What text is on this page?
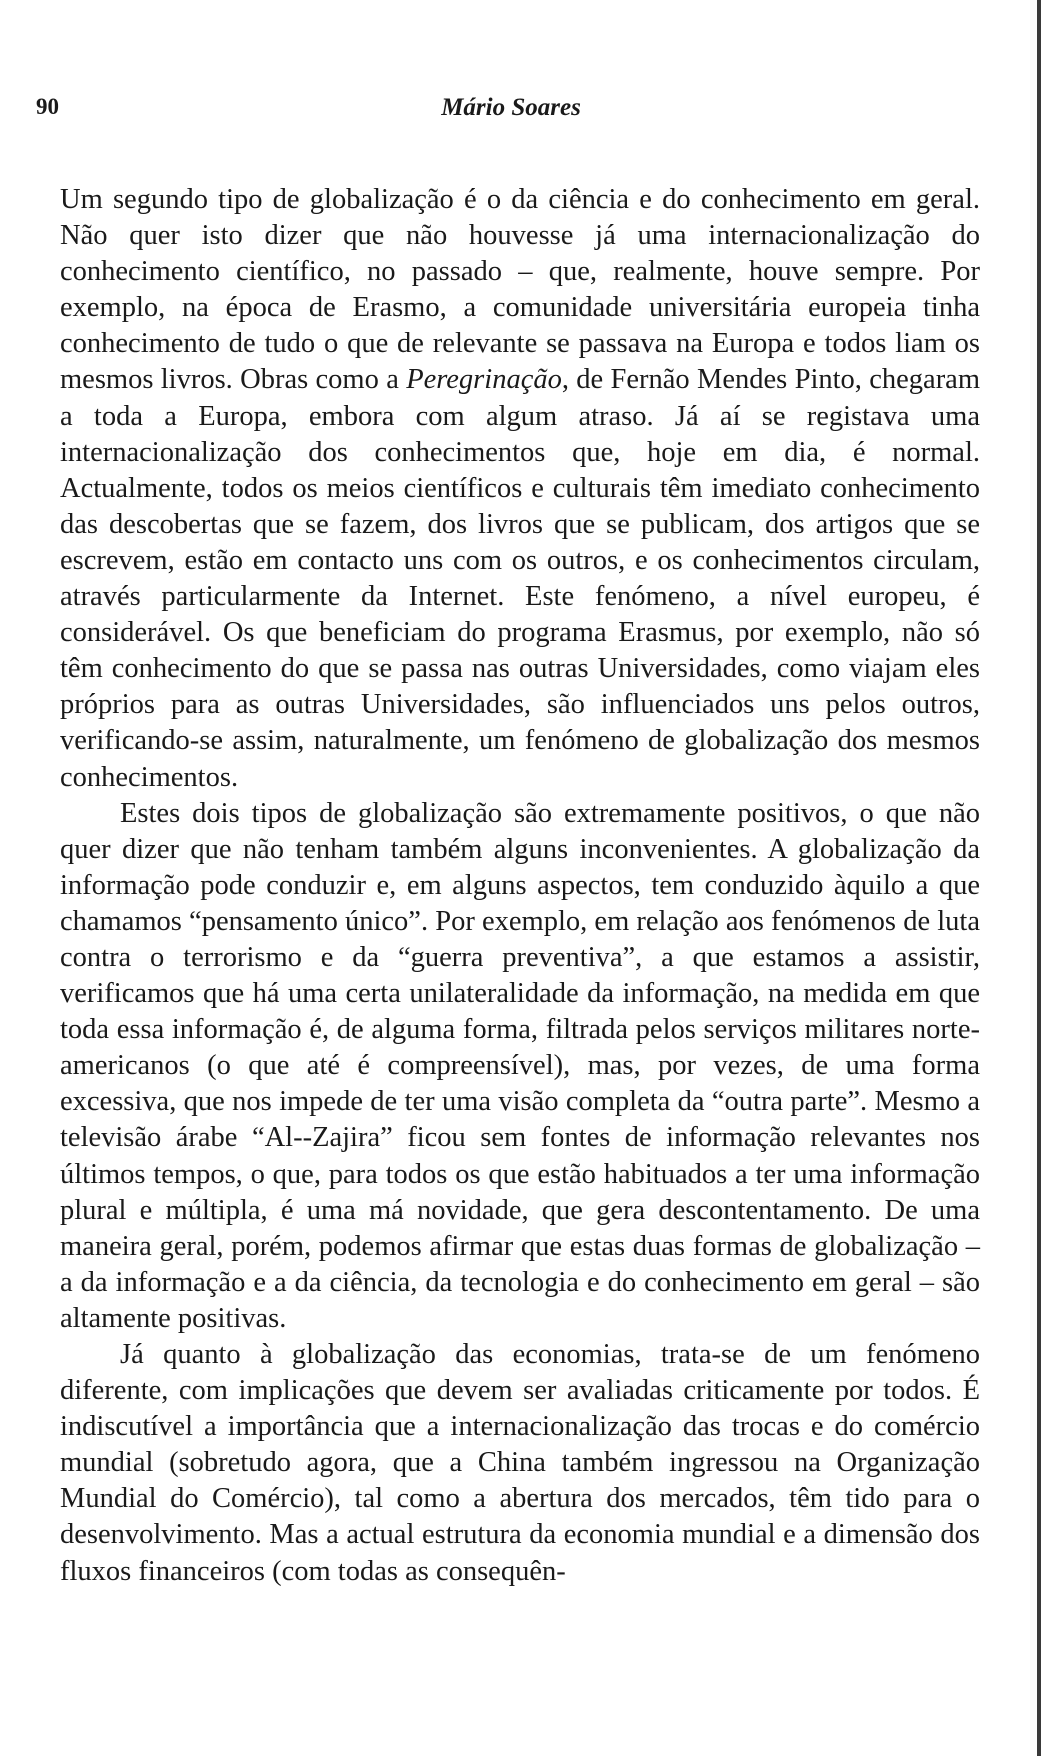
90	Mário Soares

Um segundo tipo de globalização é o da ciência e do conhecimento em geral. Não quer isto dizer que não houvesse já uma internacionalização do conhecimento científico, no passado – que, realmente, houve sempre. Por exemplo, na época de Erasmo, a comunidade universitária europeia tinha conhecimento de tudo o que de relevante se passava na Europa e todos liam os mesmos livros. Obras como a Peregrinação, de Fernão Mendes Pinto, chegaram a toda a Europa, embora com algum atraso. Já aí se registava uma internacionalização dos conhecimentos que, hoje em dia, é normal. Actualmente, todos os meios científicos e culturais têm imediato conhecimento das descobertas que se fazem, dos livros que se publicam, dos artigos que se escrevem, estão em contacto uns com os outros, e os conhecimentos circulam, através particularmente da Internet. Este fenómeno, a nível europeu, é considerável. Os que beneficiam do programa Erasmus, por exemplo, não só têm conhecimento do que se passa nas outras Universidades, como viajam eles próprios para as outras Universidades, são influenciados uns pelos outros, verificando-se assim, naturalmente, um fenómeno de globalização dos mesmos conhecimentos.

Estes dois tipos de globalização são extremamente positivos, o que não quer dizer que não tenham também alguns inconvenientes. A globalização da informação pode conduzir e, em alguns aspectos, tem conduzido àquilo a que chamamos “pensamento único”. Por exemplo, em relação aos fenómenos de luta contra o terrorismo e da “guerra preventiva”, a que estamos a assistir, verificamos que há uma certa unilateralidade da informação, na medida em que toda essa informação é, de alguma forma, filtrada pelos serviços militares norte-americanos (o que até é compreensível), mas, por vezes, de uma forma excessiva, que nos impede de ter uma visão completa da “outra parte”. Mesmo a televisão árabe “Al--Zajira” ficou sem fontes de informação relevantes nos últimos tempos, o que, para todos os que estão habituados a ter uma informação plural e múltipla, é uma má novidade, que gera descontentamento. De uma maneira geral, porém, podemos afirmar que estas duas formas de globalização – a da informação e a da ciência, da tecnologia e do conhecimento em geral – são altamente positivas.

Já quanto à globalização das economias, trata-se de um fenómeno diferente, com implicações que devem ser avaliadas criticamente por todos. É indiscutível a importância que a internacionalização das trocas e do comércio mundial (sobretudo agora, que a China também ingressou na Organização Mundial do Comércio), tal como a abertura dos mercados, têm tido para o desenvolvimento. Mas a actual estrutura da economia mundial e a dimensão dos fluxos financeiros (com todas as consequên-
